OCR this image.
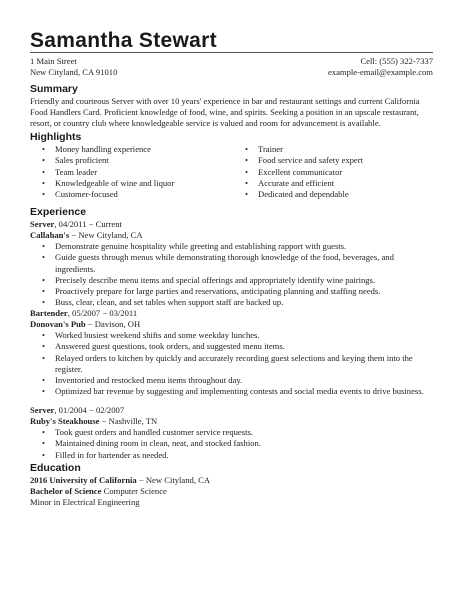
Samantha Stewart
1 Main Street
New Cityland, CA 91010
Cell: (555) 322-7337
example-email@example.com
Summary
Friendly and courteous Server with over 10 years' experience in bar and restaurant settings and current California Food Handlers Card. Proficient knowledge of food, wine, and spirits. Seeking a position in an upscale restaurant, resort, or country club where knowledgeable service is valued and room for advancement is available.
Highlights
• Money handling experience
• Sales proficient
• Team leader
• Knowledgeable of wine and liquor
• Customer-focused
• Trainer
• Food service and safety expert
• Excellent communicator
• Accurate and efficient
• Dedicated and dependable
Experience
Server, 04/2011 − Current
Callahan's − New Cityland, CA
• Demonstrate genuine hospitality while greeting and establishing rapport with guests.
• Guide guests through menus while demonstrating thorough knowledge of the food, beverages, and ingredients.
• Precisely describe menu items and special offerings and appropriately identify wine pairings.
• Proactively prepare for large parties and reservations, anticipating planning and staffing needs.
• Buss, clear, clean, and set tables when support staff are backed up.
Bartender, 05/2007 − 03/2011
Donovan's Pub − Davison, OH
• Worked busiest weekend shifts and some weekday lunches.
• Answered guest questions, took orders, and suggested menu items.
• Relayed orders to kitchen by quickly and accurately recording guest selections and keying them into the register.
• Inventoried and restocked menu items throughout day.
• Optimized bar revenue by suggesting and implementing contests and social media events to drive business.
Server, 01/2004 − 02/2007
Ruby's Steakhouse − Nashville, TN
• Took guest orders and handled customer service requests.
• Maintained dining room in clean, neat, and stocked fashion.
• Filled in for bartender as needed.
Education
2016 University of California − New Cityland, CA
Bachelor of Science Computer Science
Minor in Electrical Engineering
